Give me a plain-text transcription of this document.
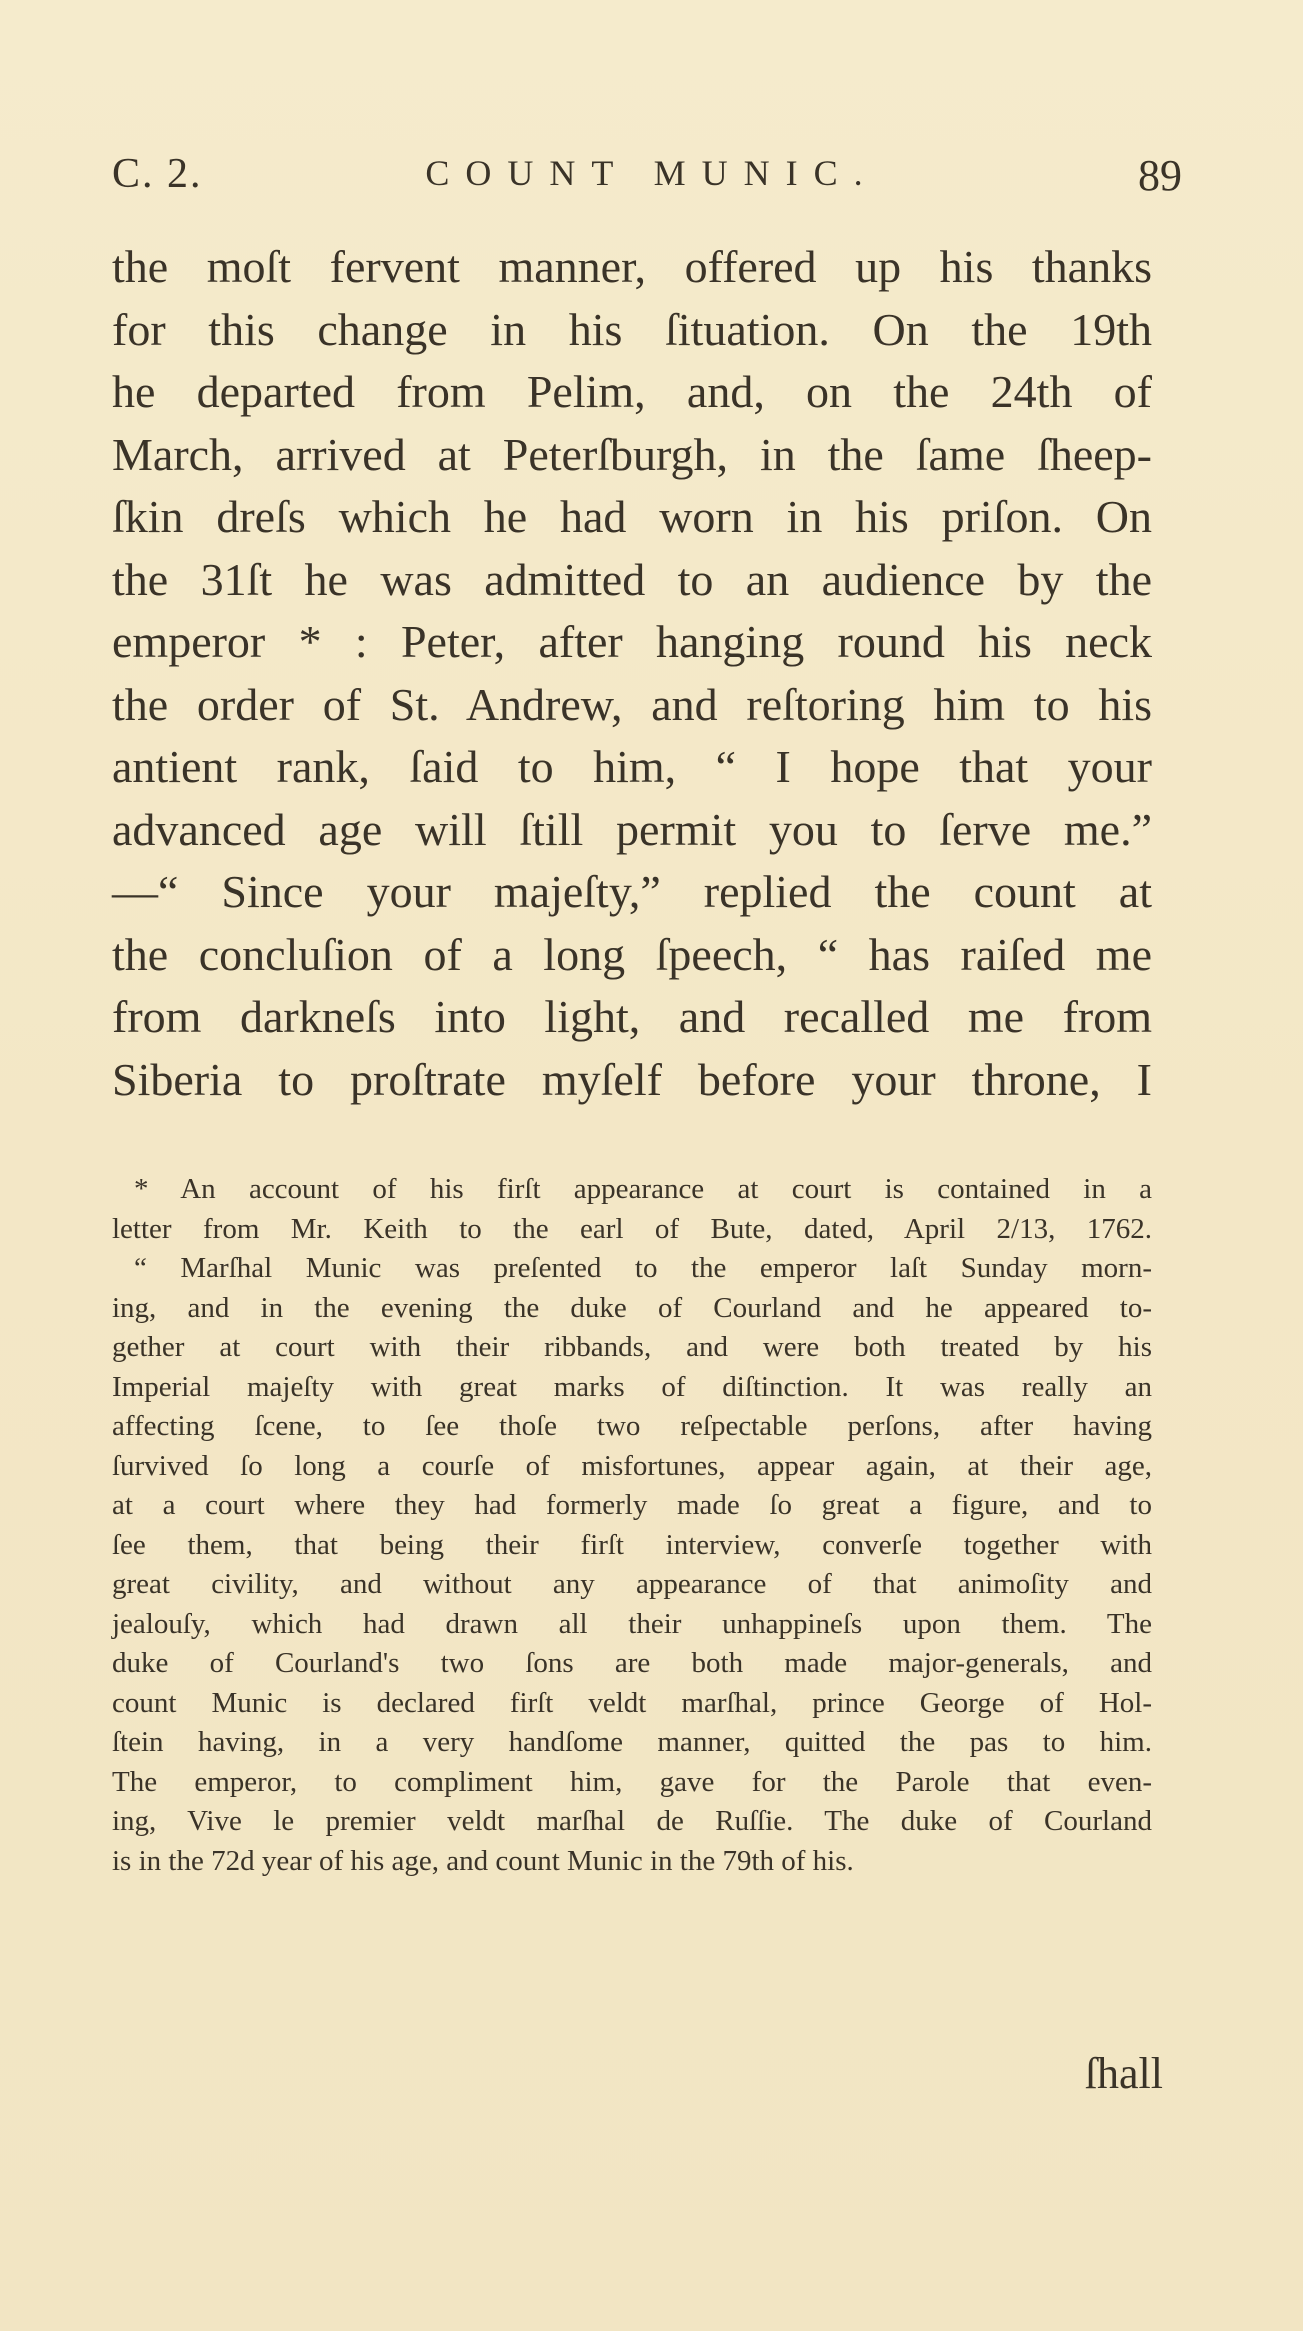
C. 2.	COUNT MUNIC.	89
the moſt fervent manner, offered up his thanks
for this change in his ſituation. On the 19th
he departed from Pelim, and, on the 24th of
March, arrived at Peterſburgh, in the ſame ſheep-
ſkin dreſs which he had worn in his priſon. On
the 31ſt he was admitted to an audience by the
emperor * : Peter, after hanging round his neck
the order of St. Andrew, and reſtoring him to his
antient rank, ſaid to him, “ I hope that your
advanced age will ſtill permit you to ſerve me.”
—“ Since your majeſty,” replied the count at
the concluſion of a long ſpeech, “ has raiſed me
from darkneſs into light, and recalled me from
Siberia to proſtrate myſelf before your throne, I
* An account of his firſt appearance at court is contained in a
letter from Mr. Keith to the earl of Bute, dated, April 2/13, 1762.
“ Marſhal Munic was preſented to the emperor laſt Sunday morn-
ing, and in the evening the duke of Courland and he appeared to-
gether at court with their ribbands, and were both treated by his
Imperial majeſty with great marks of diſtinction. It was really an
affecting ſcene, to ſee thoſe two reſpectable perſons, after having
ſurvived ſo long a courſe of misfortunes, appear again, at their age,
at a court where they had formerly made ſo great a figure, and to
ſee them, that being their firſt interview, converſe together with
great civility, and without any appearance of that animoſity and
jealouſy, which had drawn all their unhappineſs upon them. The
duke of Courland's two ſons are both made major-generals, and
count Munic is declared firſt veldt marſhal, prince George of Hol-
ſtein having, in a very handſome manner, quitted the pas to him.
The emperor, to compliment him, gave for the Parole that even-
ing, Vive le premier veldt marſhal de Ruſſie. The duke of Courland
is in the 72d year of his age, and count Munic in the 79th of his.
ſhall
